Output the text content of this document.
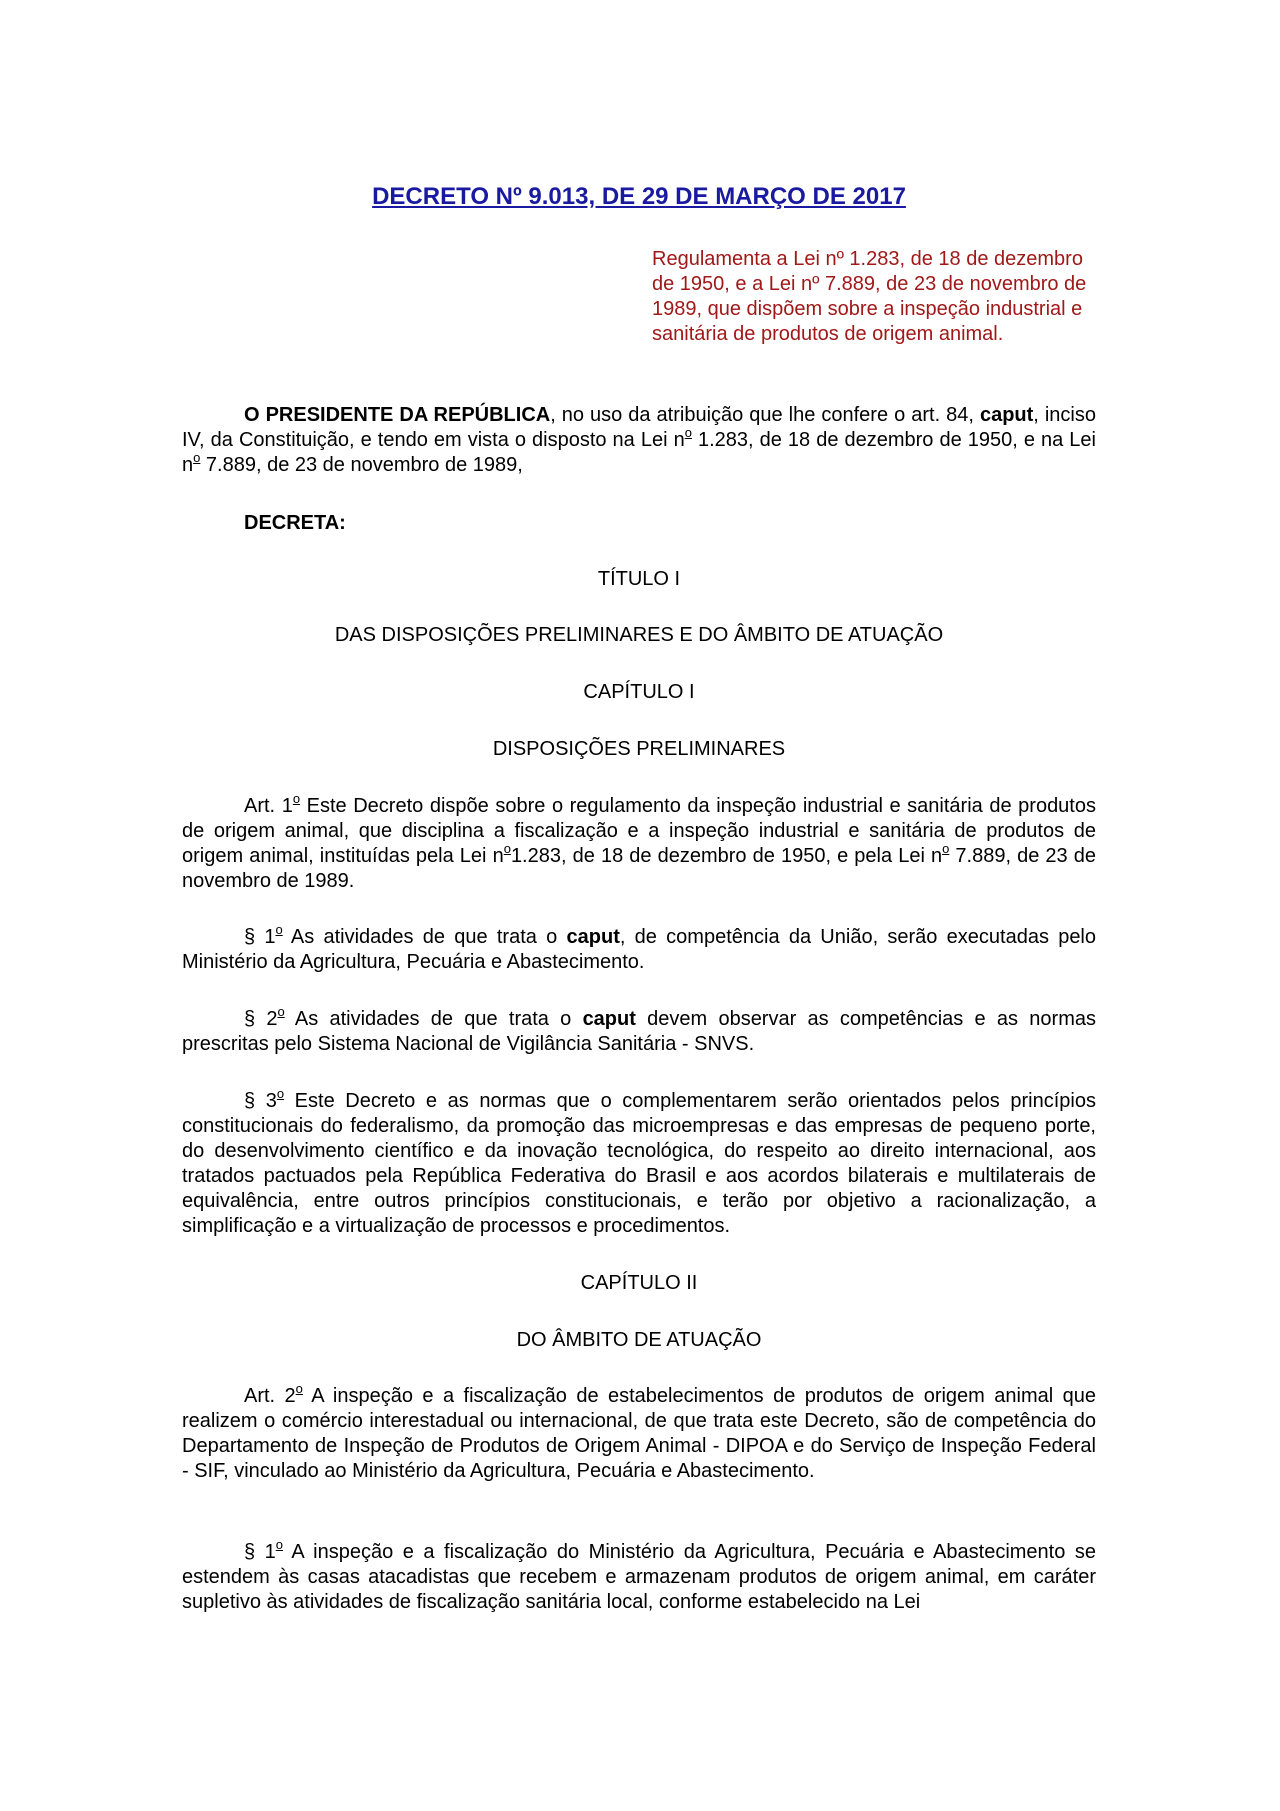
DECRETO Nº 9.013, DE 29 DE MARÇO DE 2017
Regulamenta a Lei nº 1.283, de 18 de dezembro de 1950, e a Lei nº 7.889, de 23 de novembro de 1989, que dispõem sobre a inspeção industrial e sanitária de produtos de origem animal.
O PRESIDENTE DA REPÚBLICA, no uso da atribuição que lhe confere o art. 84, caput, inciso IV, da Constituição, e tendo em vista o disposto na Lei $n^o$ 1.283, de 18 de dezembro de 1950, e na Lei $n^o$ 7.889, de 23 de novembro de 1989,
DECRETA:
TÍTULO I
DAS DISPOSIÇÕES PRELIMINARES E DO ÂMBITO DE ATUAÇÃO
CAPÍTULO I
DISPOSIÇÕES PRELIMINARES
Art. 1$^o$ Este Decreto dispõe sobre o regulamento da inspeção industrial e sanitária de produtos de origem animal, que disciplina a fiscalização e a inspeção industrial e sanitária de produtos de origem animal, instituídas pela Lei $n^o1.283$, de 18 de dezembro de 1950, e pela Lei $n^o$ 7.889, de 23 de novembro de 1989.
§ 1$^o$ As atividades de que trata o caput, de competência da União, serão executadas pelo Ministério da Agricultura, Pecuária e Abastecimento.
§ 2$^o$ As atividades de que trata o caput devem observar as competências e as normas prescritas pelo Sistema Nacional de Vigilância Sanitária - SNVS.
§ 3$^o$ Este Decreto e as normas que o complementarem serão orientados pelos princípios constitucionais do federalismo, da promoção das microempresas e das empresas de pequeno porte, do desenvolvimento científico e da inovação tecnológica, do respeito ao direito internacional, aos tratados pactuados pela República Federativa do Brasil e aos acordos bilaterais e multilaterais de equivalência, entre outros princípios constitucionais, e terão por objetivo a racionalização, a simplificação e a virtualização de processos e procedimentos.
CAPÍTULO II
DO ÂMBITO DE ATUAÇÃO
Art. 2$^o$ A inspeção e a fiscalização de estabelecimentos de produtos de origem animal que realizem o comércio interestadual ou internacional, de que trata este Decreto, são de competência do Departamento de Inspeção de Produtos de Origem Animal - DIPOA e do Serviço de Inspeção Federal - SIF, vinculado ao Ministério da Agricultura, Pecuária e Abastecimento.
§ 1$^o$ A inspeção e a fiscalização do Ministério da Agricultura, Pecuária e Abastecimento se estendem às casas atacadistas que recebem e armazenam produtos de origem animal, em caráter supletivo às atividades de fiscalização sanitária local, conforme estabelecido na Lei
